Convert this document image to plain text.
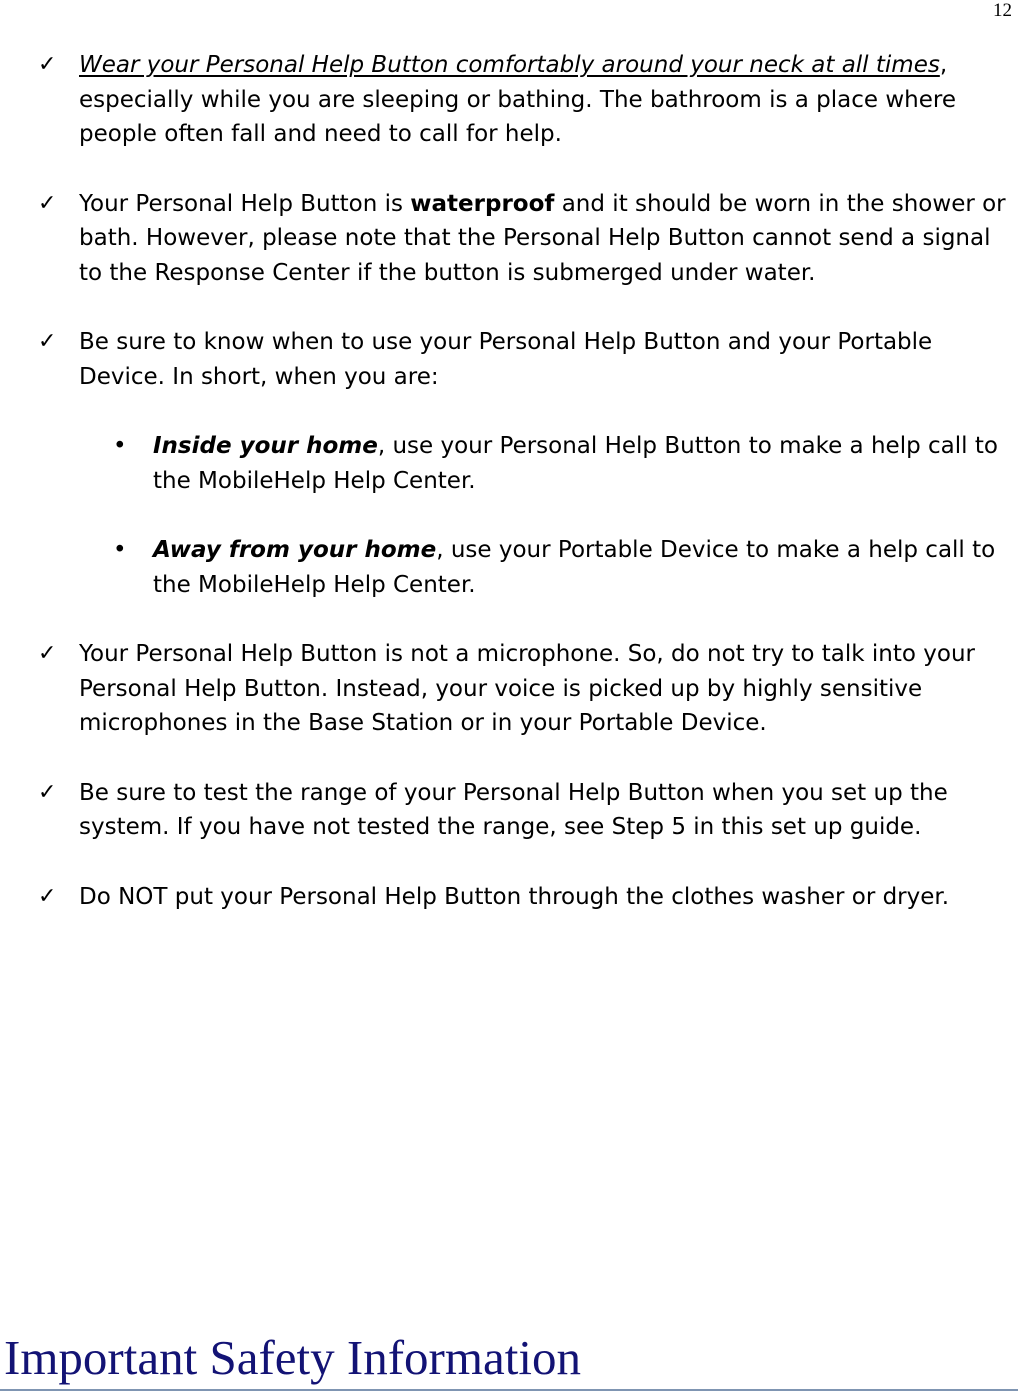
12
✓ Wear your Personal Help Button comfortably around your neck at all times, especially while you are sleeping or bathing. The bathroom is a place where people often fall and need to call for help.
✓ Your Personal Help Button is waterproof and it should be worn in the shower or bath. However, please note that the Personal Help Button cannot send a signal to the Response Center if the button is submerged under water.
✓ Be sure to know when to use your Personal Help Button and your Portable Device. In short, when you are:
• Inside your home, use your Personal Help Button to make a help call to the MobileHelp Help Center.
• Away from your home, use your Portable Device to make a help call to the MobileHelp Help Center.
✓ Your Personal Help Button is not a microphone. So, do not try to talk into your Personal Help Button. Instead, your voice is picked up by highly sensitive microphones in the Base Station or in your Portable Device.
✓ Be sure to test the range of your Personal Help Button when you set up the system. If you have not tested the range, see Step 5 in this set up guide.
✓ Do NOT put your Personal Help Button through the clothes washer or dryer.
Important Safety Information
